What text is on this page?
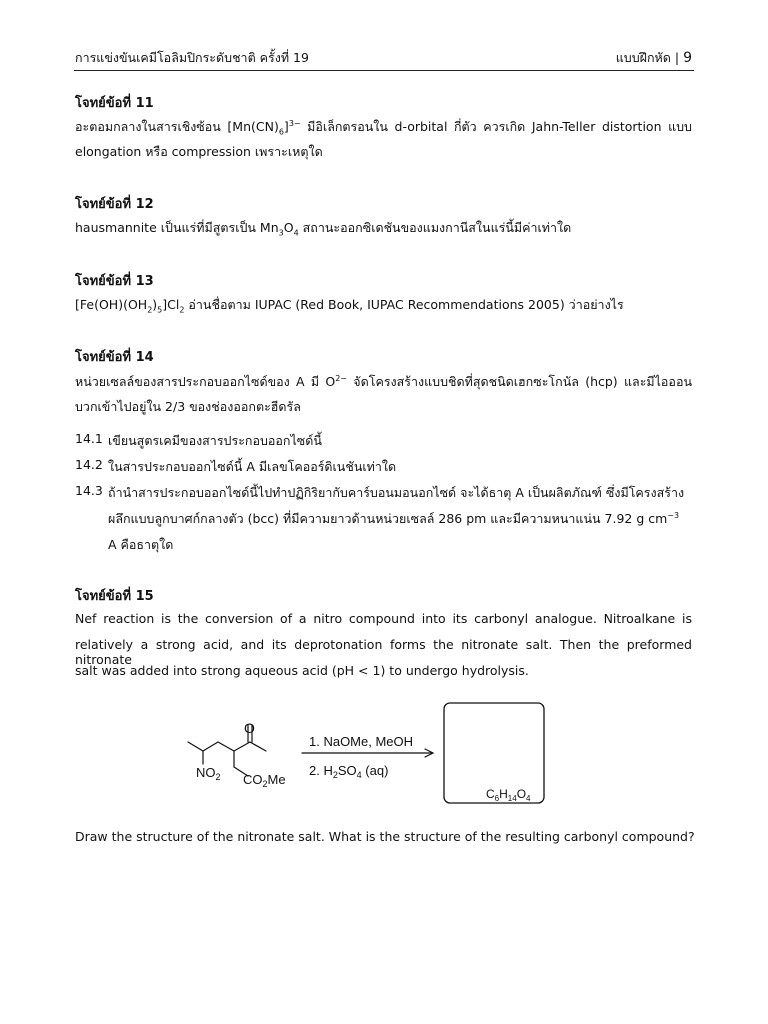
การแข่งขันเคมีโอลิมปิกระดับชาติ ครั้งที่ 19	แบบฝึกหัด | 9
โจทย์ข้อที่ 11
อะตอมกลางในสารเชิงซ้อน $[Mn(CN)_6]^{3-}$ มีอิเล็กตรอนใน d-orbital กี่ตัว ควรเกิด Jahn-Teller distortion แบบ
elongation หรือ compression เพราะเหตุใด
โจทย์ข้อที่ 12
hausmannite เป็นแร่ที่มีสูตรเป็น $Mn_3O_4$ สถานะออกซิเดชันของแมงกานีสในแร่นี้มีค่าเท่าใด
โจทย์ข้อที่ 13
$[Fe(OH)(OH_2)_5]Cl_2$ อ่านชื่อตาม IUPAC (Red Book, IUPAC Recommendations 2005) ว่าอย่างไร
โจทย์ข้อที่ 14
หน่วยเซลล์ของสารประกอบออกไซด์ของ A มี $O^{2-}$ จัดโครงสร้างแบบชิดที่สุดชนิดเฮกซะโกนัล (hcp) และมีไอออน
บวกเข้าไปอยู่ใน 2/3 ของช่องออกตะฮีดรัล
14.1 เขียนสูตรเคมีของสารประกอบออกไซด์นี้
14.2 ในสารประกอบออกไซด์นี้ A มีเลขโคออร์ดิเนชันเท่าใด
14.3 ถ้านำสารประกอบออกไซด์นี้ไปทำปฏิกิริยากับคาร์บอนมอนอกไซด์ จะได้ธาตุ A เป็นผลิตภัณฑ์ ซึ่งมีโครงสร้าง
ผลึกแบบลูกบาศก์กลางตัว (bcc) ที่มีความยาวด้านหน่วยเซลล์ 286 pm และมีความหนาแน่น 7.92 g $cm^{-3}$
A คือธาตุใด
โจทย์ข้อที่ 15
Nef reaction is the conversion of a nitro compound into its carbonyl analogue. Nitroalkane is
relatively a strong acid, and its deprotonation forms the nitronate salt. Then the preformed nitronate
salt was added into strong aqueous acid (pH < 1) to undergo hydrolysis.
O
$NO_2$ $CO_2Me$
1. NaOMe, MeOH
2. $H_2SO_4$ (aq)
$C_6H_{14}O_4$
Draw the structure of the nitronate salt. What is the structure of the resulting carbonyl compound?
